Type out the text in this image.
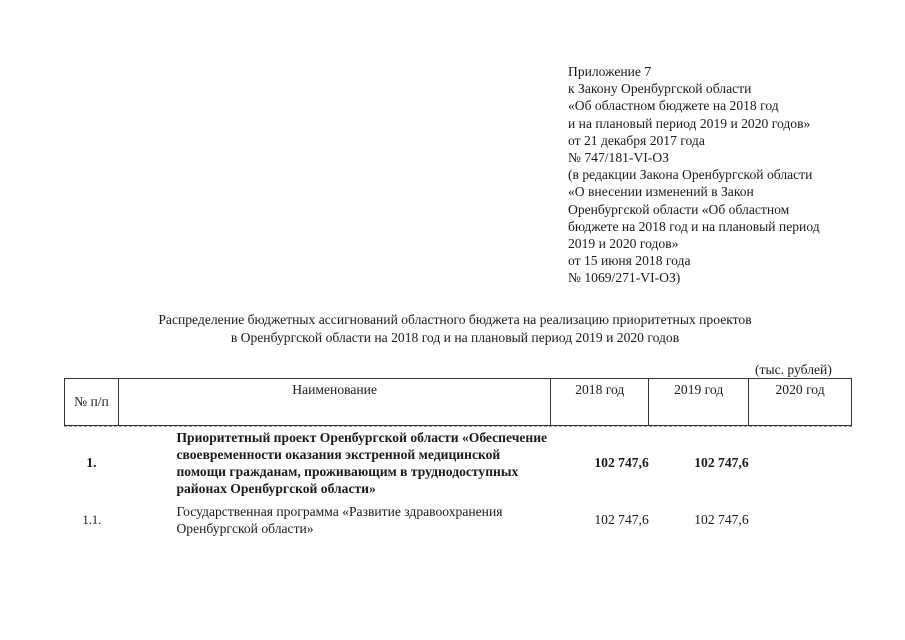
Приложение 7
к Закону Оренбургской области
«Об областном бюджете на 2018 год
и на плановый период 2019 и 2020 годов»
от 21 декабря 2017 года
№ 747/181-VI-ОЗ
(в редакции Закона Оренбургской области
«О внесении изменений в Закон
Оренбургской области «Об областном
бюджете на 2018 год и на плановый период
2019 и 2020 годов»
от 15 июня 2018 года
№ 1069/271-VI-ОЗ)
Распределение бюджетных ассигнований областного бюджета на реализацию приоритетных проектов
в Оренбургской области на 2018 год и на плановый период 2019 и 2020 годов
(тыс. рублей)
№ п/п	Наименование	2018 год	2019 год	2020 год

1.	Приоритетный проект Оренбургской области «Обеспечение своевременности оказания экстренной медицинской помощи гражданам, проживающим в труднодоступных районах Оренбургской области»	102 747,6	102 747,6	
1.1.	Государственная программа «Развитие здравоохранения Оренбургской области»	102 747,6	102 747,6	
